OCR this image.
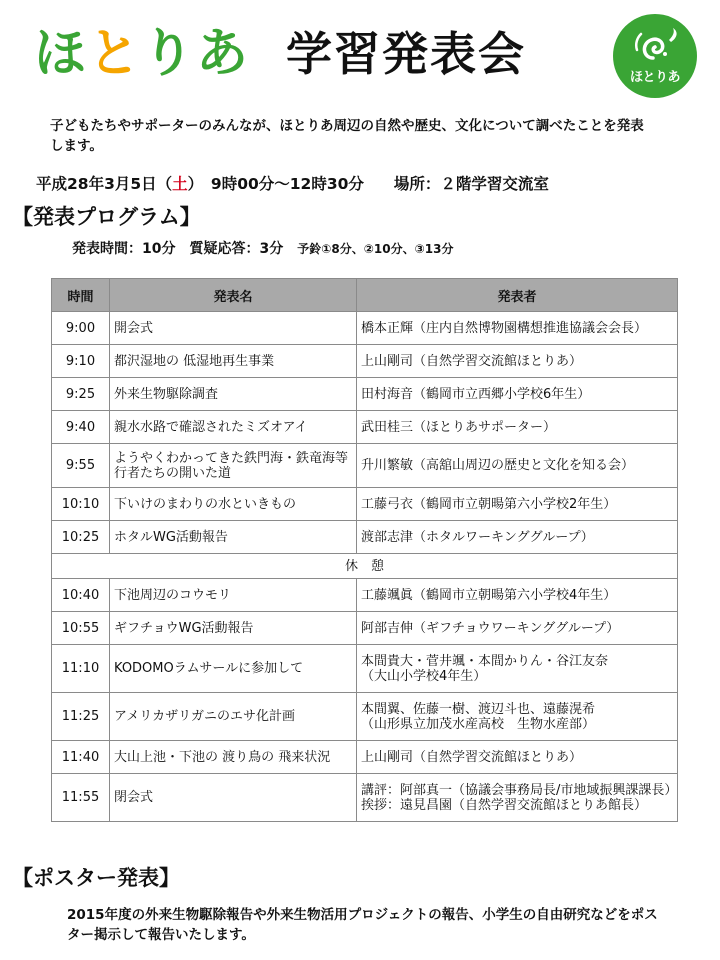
ほとりあ 学習発表会	ほとりあ
子どもたちやサポーターのみんなが、ほとりあ周辺の自然や歴史、文化について調べたことを発表します。
平成28年3月5日（土）　9時00分〜12時30分 場所：２階学習交流室
【発表プログラム】
発表時間：10分　質疑応答：3分 予鈴①8分、②10分、③13分
時間	発表名	発表者
9:00	開会式	橋本正輝（庄内自然博物園構想推進協議会会長）
9:10	都沢湿地の 低湿地再生事業	上山剛司（自然学習交流館ほとりあ）
9:25	外来生物駆除調査	田村海音（鶴岡市立西郷小学校6年生）
9:40	親水水路で確認されたミズオアイ	武田桂三（ほとりあサポーター）
9:55	ようやくわかってきた鉄門海・鉄竜海等行者たちの開いた道	升川繁敏（高舘山周辺の歴史と文化を知る会）
10:10	下いけのまわりの水といきもの	工藤弓衣（鶴岡市立朝暘第六小学校2年生）
10:25	ホタルWG活動報告	渡部志津（ホタルワーキンググループ）
休　憩		
10:40	下池周辺のコウモリ	工藤颯眞（鶴岡市立朝暘第六小学校4年生）
10:55	ギフチョウWG活動報告	阿部吉伸（ギフチョウワーキンググループ）
11:10	KODOMOラムサールに参加して	本間貴大・菅井颯・本間かりん・谷江友奈
（大山小学校4年生）

11:25	アメリカザリガニのエサ化計画	本間翼、佐藤一樹、渡辺斗也、遠藤滉希
（山形県立加茂水産高校　生物水産部）

11:40	大山上池・下池の 渡り鳥の 飛来状況	上山剛司（自然学習交流館ほとりあ）
11:55	閉会式	講評：阿部真一（協議会事務局長/市地域振興課課長）
挨拶：遠見昌園（自然学習交流館ほとりあ館長）
【ポスター発表】
2015年度の外来生物駆除報告や外来生物活用プロジェクトの報告、小学生の自由研究などをポスター掲示して報告いたします。
